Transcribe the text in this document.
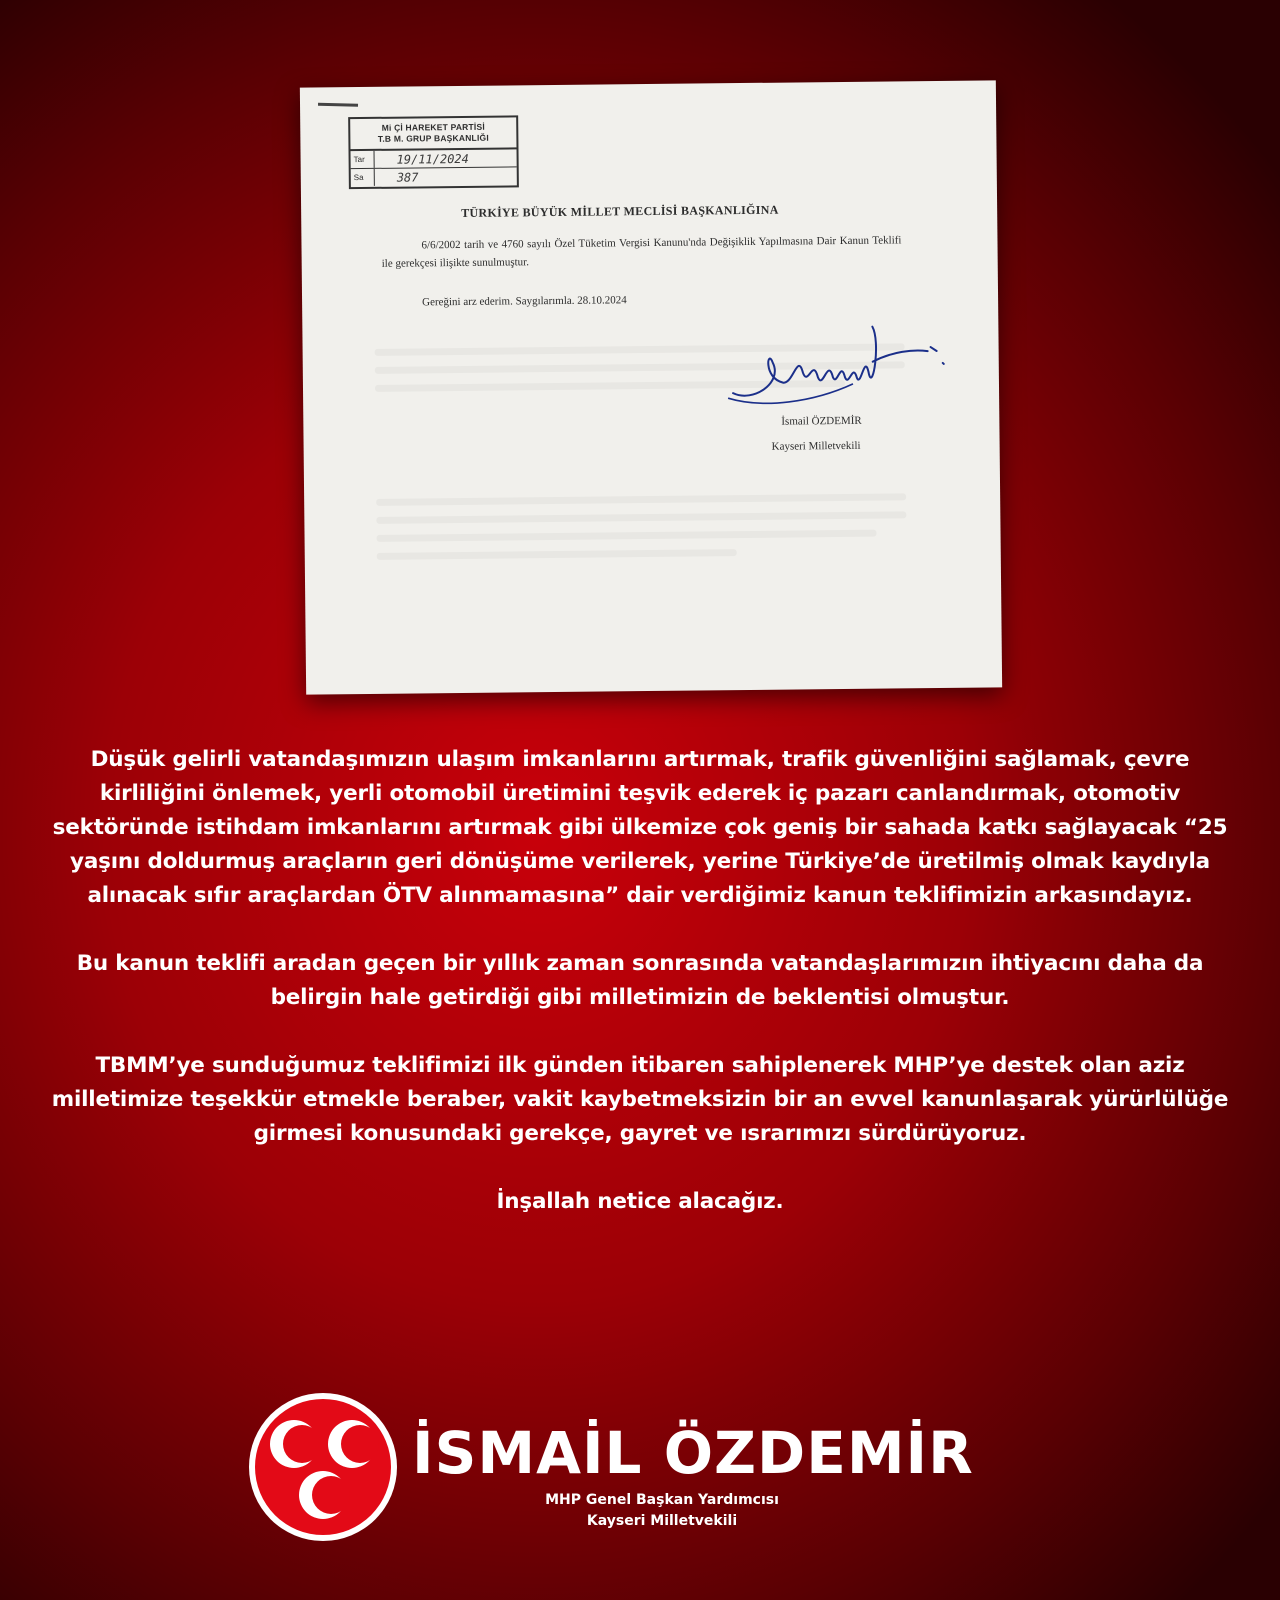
Mi Çİ HAREKET PARTİSİ
T.B M. GRUP BAŞKANLIĞI
Tar	19/11/2024
Sa	387
TÜRKİYE BÜYÜK MİLLET MECLİSİ BAŞKANLIĞINA
6/6/2002 tarih ve 4760 sayılı Özel Tüketim Vergisi Kanunu'nda Değişiklik Yapılmasına Dair Kanun Teklifi ile gerekçesi ilişikte sunulmuştur.
Gereğini arz ederim. Saygılarımla. 28.10.2024
İsmail ÖZDEMİR
Kayseri Milletvekili

Düşük gelirli vatandaşımızın ulaşım imkanlarını artırmak, trafik güvenliğini sağlamak, çevre kirliliğini önlemek, yerli otomobil üretimini teşvik ederek iç pazarı canlandırmak, otomotiv sektöründe istihdam imkanlarını artırmak gibi ülkemize çok geniş bir sahada katkı sağlayacak “25 yaşını doldurmuş araçların geri dönüşüme verilerek, yerine Türkiye’de üretilmiş olmak kaydıyla alınacak sıfır araçlardan ÖTV alınmamasına” dair verdiğimiz kanun teklifimizin arkasındayız.

Bu kanun teklifi aradan geçen bir yıllık zaman sonrasında vatandaşlarımızın ihtiyacını daha da belirgin hale getirdiği gibi milletimizin de beklentisi olmuştur.

TBMM’ye sunduğumuz teklifimizi ilk günden itibaren sahiplenerek MHP’ye destek olan aziz milletimize teşekkür etmekle beraber, vakit kaybetmeksizin bir an evvel kanunlaşarak yürürlülüğe girmesi konusundaki gerekçe, gayret ve ısrarımızı sürdürüyoruz.

İnşallah netice alacağız.

İSMAİL ÖZDEMİR
MHP Genel Başkan Yardımcısı
Kayseri Milletvekili
